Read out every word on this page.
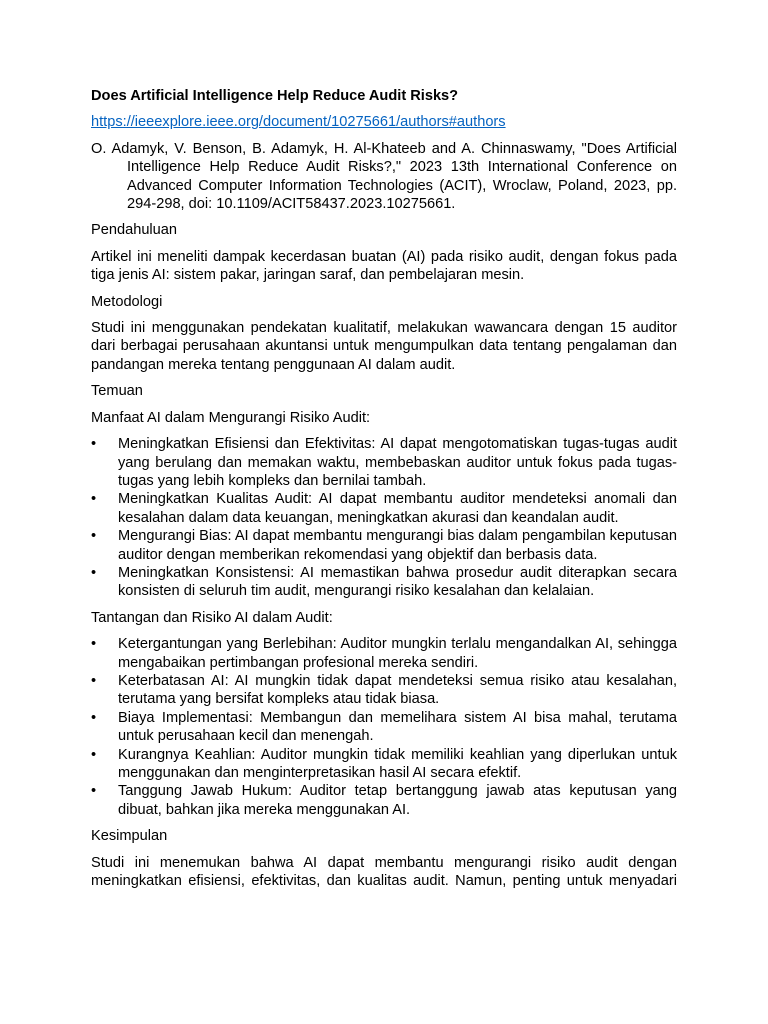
Does Artificial Intelligence Help Reduce Audit Risks?

https://ieeexplore.ieee.org/document/10275661/authors#authors

O. Adamyk, V. Benson, B. Adamyk, H. Al-Khateeb and A. Chinnaswamy, "Does Artificial Intelligence Help Reduce Audit Risks?," 2023 13th International Conference on Advanced Computer Information Technologies (ACIT), Wroclaw, Poland, 2023, pp. 294-298, doi: 10.1109/ACIT58437.2023.10275661.

Pendahuluan

Artikel ini meneliti dampak kecerdasan buatan (AI) pada risiko audit, dengan fokus pada tiga jenis AI: sistem pakar, jaringan saraf, dan pembelajaran mesin.

Metodologi

Studi ini menggunakan pendekatan kualitatif, melakukan wawancara dengan 15 auditor dari berbagai perusahaan akuntansi untuk mengumpulkan data tentang pengalaman dan pandangan mereka tentang penggunaan AI dalam audit.

Temuan

Manfaat AI dalam Mengurangi Risiko Audit:

•	Meningkatkan Efisiensi dan Efektivitas: AI dapat mengotomatiskan tugas-tugas audit yang berulang dan memakan waktu, membebaskan auditor untuk fokus pada tugas-tugas yang lebih kompleks dan bernilai tambah.
•	Meningkatkan Kualitas Audit: AI dapat membantu auditor mendeteksi anomali dan kesalahan dalam data keuangan, meningkatkan akurasi dan keandalan audit.
•	Mengurangi Bias: AI dapat membantu mengurangi bias dalam pengambilan keputusan auditor dengan memberikan rekomendasi yang objektif dan berbasis data.
•	Meningkatkan Konsistensi: AI memastikan bahwa prosedur audit diterapkan secara konsisten di seluruh tim audit, mengurangi risiko kesalahan dan kelalaian.

Tantangan dan Risiko AI dalam Audit:

•	Ketergantungan yang Berlebihan: Auditor mungkin terlalu mengandalkan AI, sehingga mengabaikan pertimbangan profesional mereka sendiri.
•	Keterbatasan AI: AI mungkin tidak dapat mendeteksi semua risiko atau kesalahan, terutama yang bersifat kompleks atau tidak biasa.
•	Biaya Implementasi: Membangun dan memelihara sistem AI bisa mahal, terutama untuk perusahaan kecil dan menengah.
•	Kurangnya Keahlian: Auditor mungkin tidak memiliki keahlian yang diperlukan untuk menggunakan dan menginterpretasikan hasil AI secara efektif.
•	Tanggung Jawab Hukum: Auditor tetap bertanggung jawab atas keputusan yang dibuat, bahkan jika mereka menggunakan AI.

Kesimpulan

Studi ini menemukan bahwa AI dapat membantu mengurangi risiko audit dengan meningkatkan efisiensi, efektivitas, dan kualitas audit. Namun, penting untuk menyadari
